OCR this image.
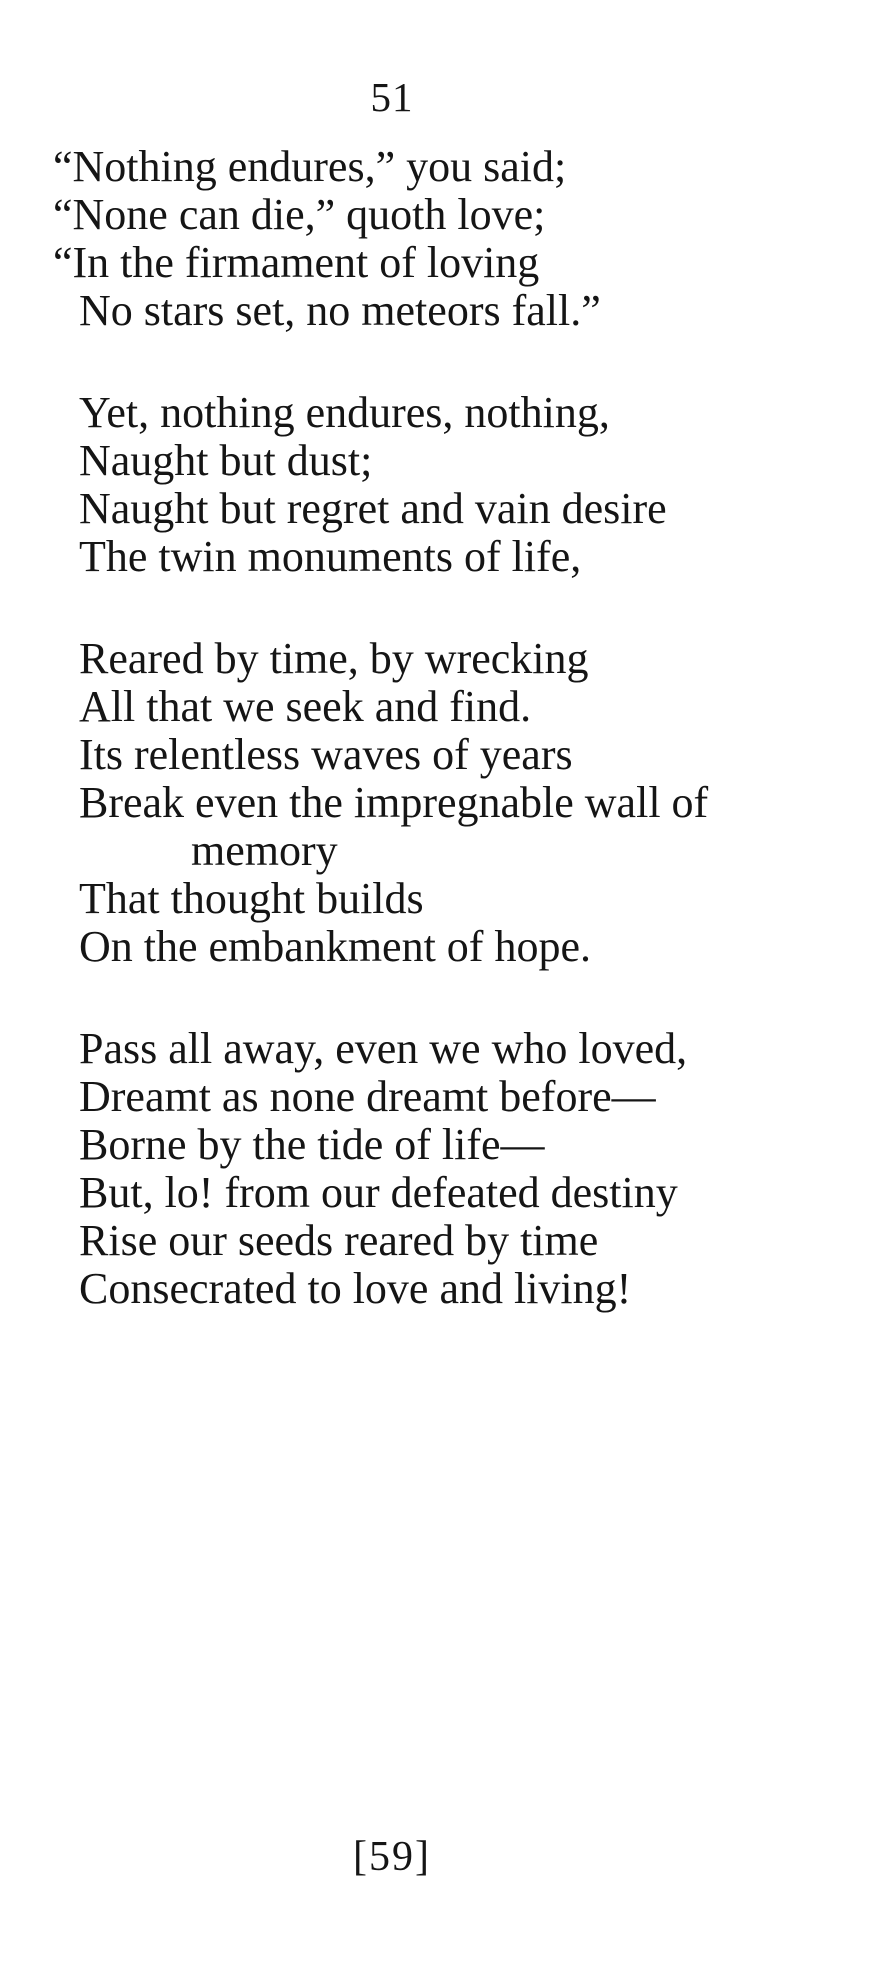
51
“Nothing endures,” you said;
“None can die,” quoth love;
“In the firmament of loving
No stars set, no meteors fall.”
Yet, nothing endures, nothing,
Naught but dust;
Naught but regret and vain desire
The twin monuments of life,
Reared by time, by wrecking
All that we seek and find.
Its relentless waves of years
Break even the impregnable wall of
memory
That thought builds
On the embankment of hope.
Pass all away, even we who loved,
Dreamt as none dreamt before—
Borne by the tide of life—
But, lo! from our defeated destiny
Rise our seeds reared by time
Consecrated to love and living!
[59]
